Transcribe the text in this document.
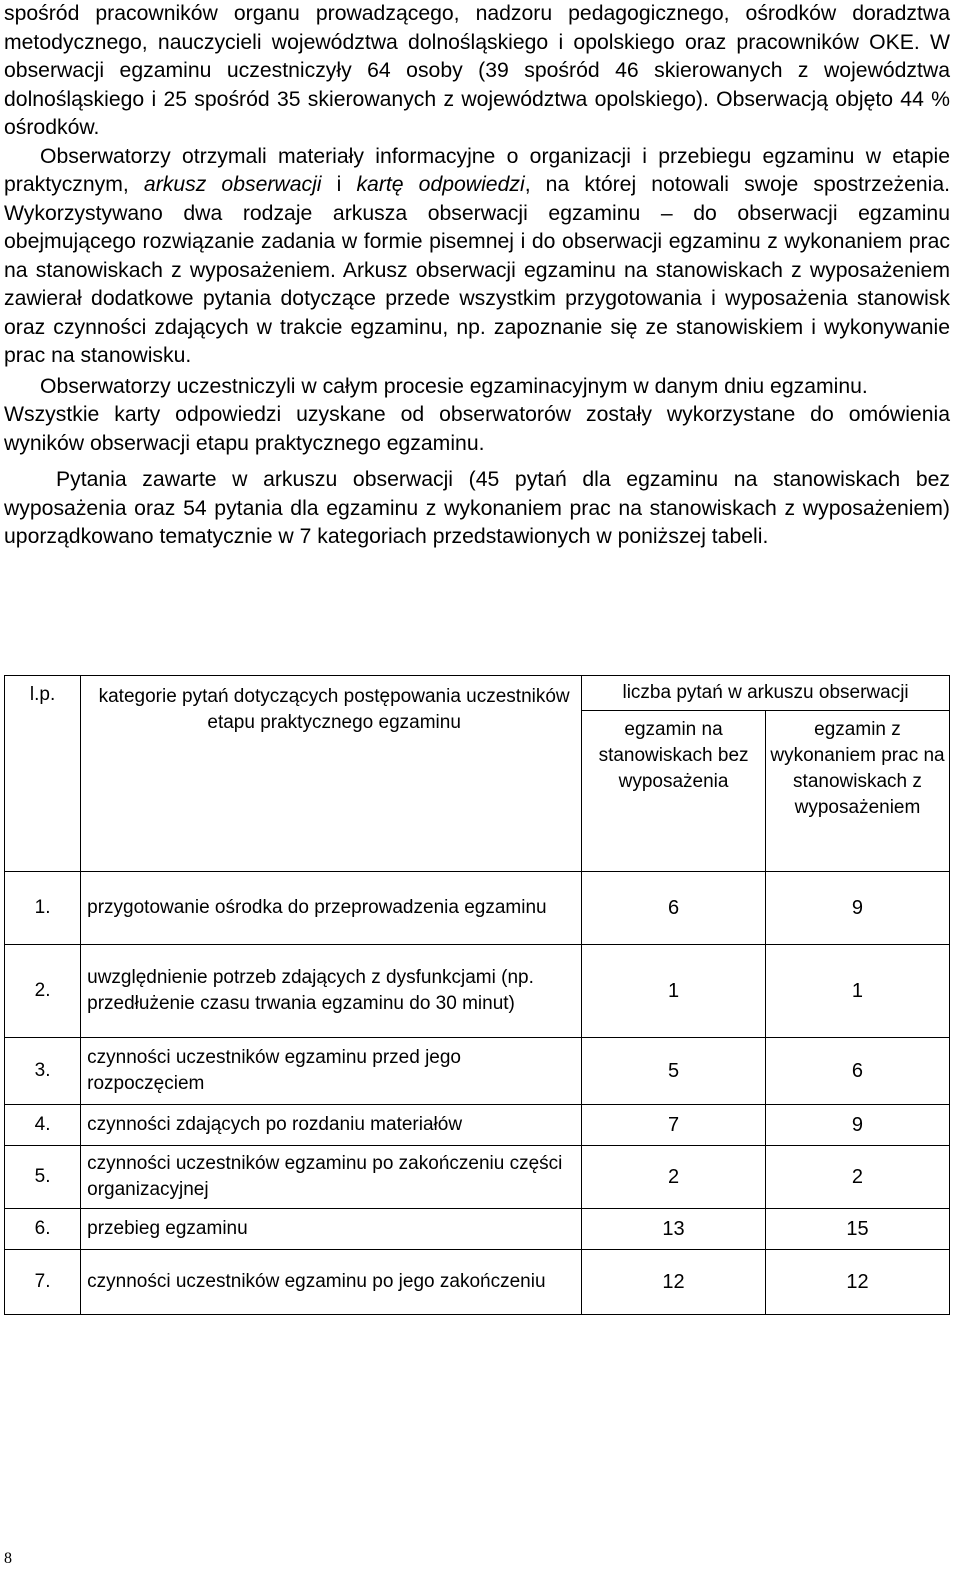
spośród pracowników organu prowadzącego, nadzoru pedagogicznego, ośrodków doradztwa metodycznego, nauczycieli województwa dolnośląskiego i opolskiego oraz pracowników OKE. W obserwacji egzaminu uczestniczyły 64 osoby (39 spośród 46 skierowanych z województwa dolnośląskiego i 25 spośród 35 skierowanych z województwa opolskiego). Obserwacją objęto 44 % ośrodków.

Obserwatorzy otrzymali materiały informacyjne o organizacji i przebiegu egzaminu w etapie praktycznym, arkusz obserwacji i kartę odpowiedzi, na której notowali swoje spostrzeżenia. Wykorzystywano dwa rodzaje arkusza obserwacji egzaminu – do obserwacji egzaminu obejmującego rozwiązanie zadania w formie pisemnej i do obserwacji egzaminu z wykonaniem prac na stanowiskach z wyposażeniem. Arkusz obserwacji egzaminu na stanowiskach z wyposażeniem zawierał dodatkowe pytania dotyczące przede wszystkim przygotowania i wyposażenia stanowisk oraz czynności zdających w trakcie egzaminu, np. zapoznanie się ze stanowiskiem i wykonywanie prac na stanowisku.

Obserwatorzy uczestniczyli w całym procesie egzaminacyjnym w danym dniu egzaminu.

Wszystkie karty odpowiedzi uzyskane od obserwatorów zostały wykorzystane do omówienia wyników obserwacji etapu praktycznego egzaminu.

Pytania zawarte w arkuszu obserwacji (45 pytań dla egzaminu na stanowiskach bez wyposażenia oraz 54 pytania dla egzaminu z wykonaniem prac na stanowiskach z wyposażeniem) uporządkowano tematycznie w 7 kategoriach przedstawionych w poniższej tabeli.

l.p.	kategorie pytań dotyczących postępowania uczestników etapu praktycznego egzaminu	liczba pytań w arkuszu obserwacji	
		egzamin na stanowiskach bez wyposażenia	egzamin z wykonaniem prac na stanowiskach z wyposażeniem
1.	przygotowanie ośrodka do przeprowadzenia egzaminu	6	9
2.	uwzględnienie potrzeb zdających z dysfunkcjami (np. przedłużenie czasu trwania egzaminu do 30 minut)	1	1
3.	czynności uczestników egzaminu przed jego rozpoczęciem	5	6
4.	czynności zdających po rozdaniu materiałów	7	9
5.	czynności uczestników egzaminu po zakończeniu części organizacyjnej	2	2
6.	przebieg egzaminu	13	15
7.	czynności uczestników egzaminu po jego zakończeniu	12	12
8
